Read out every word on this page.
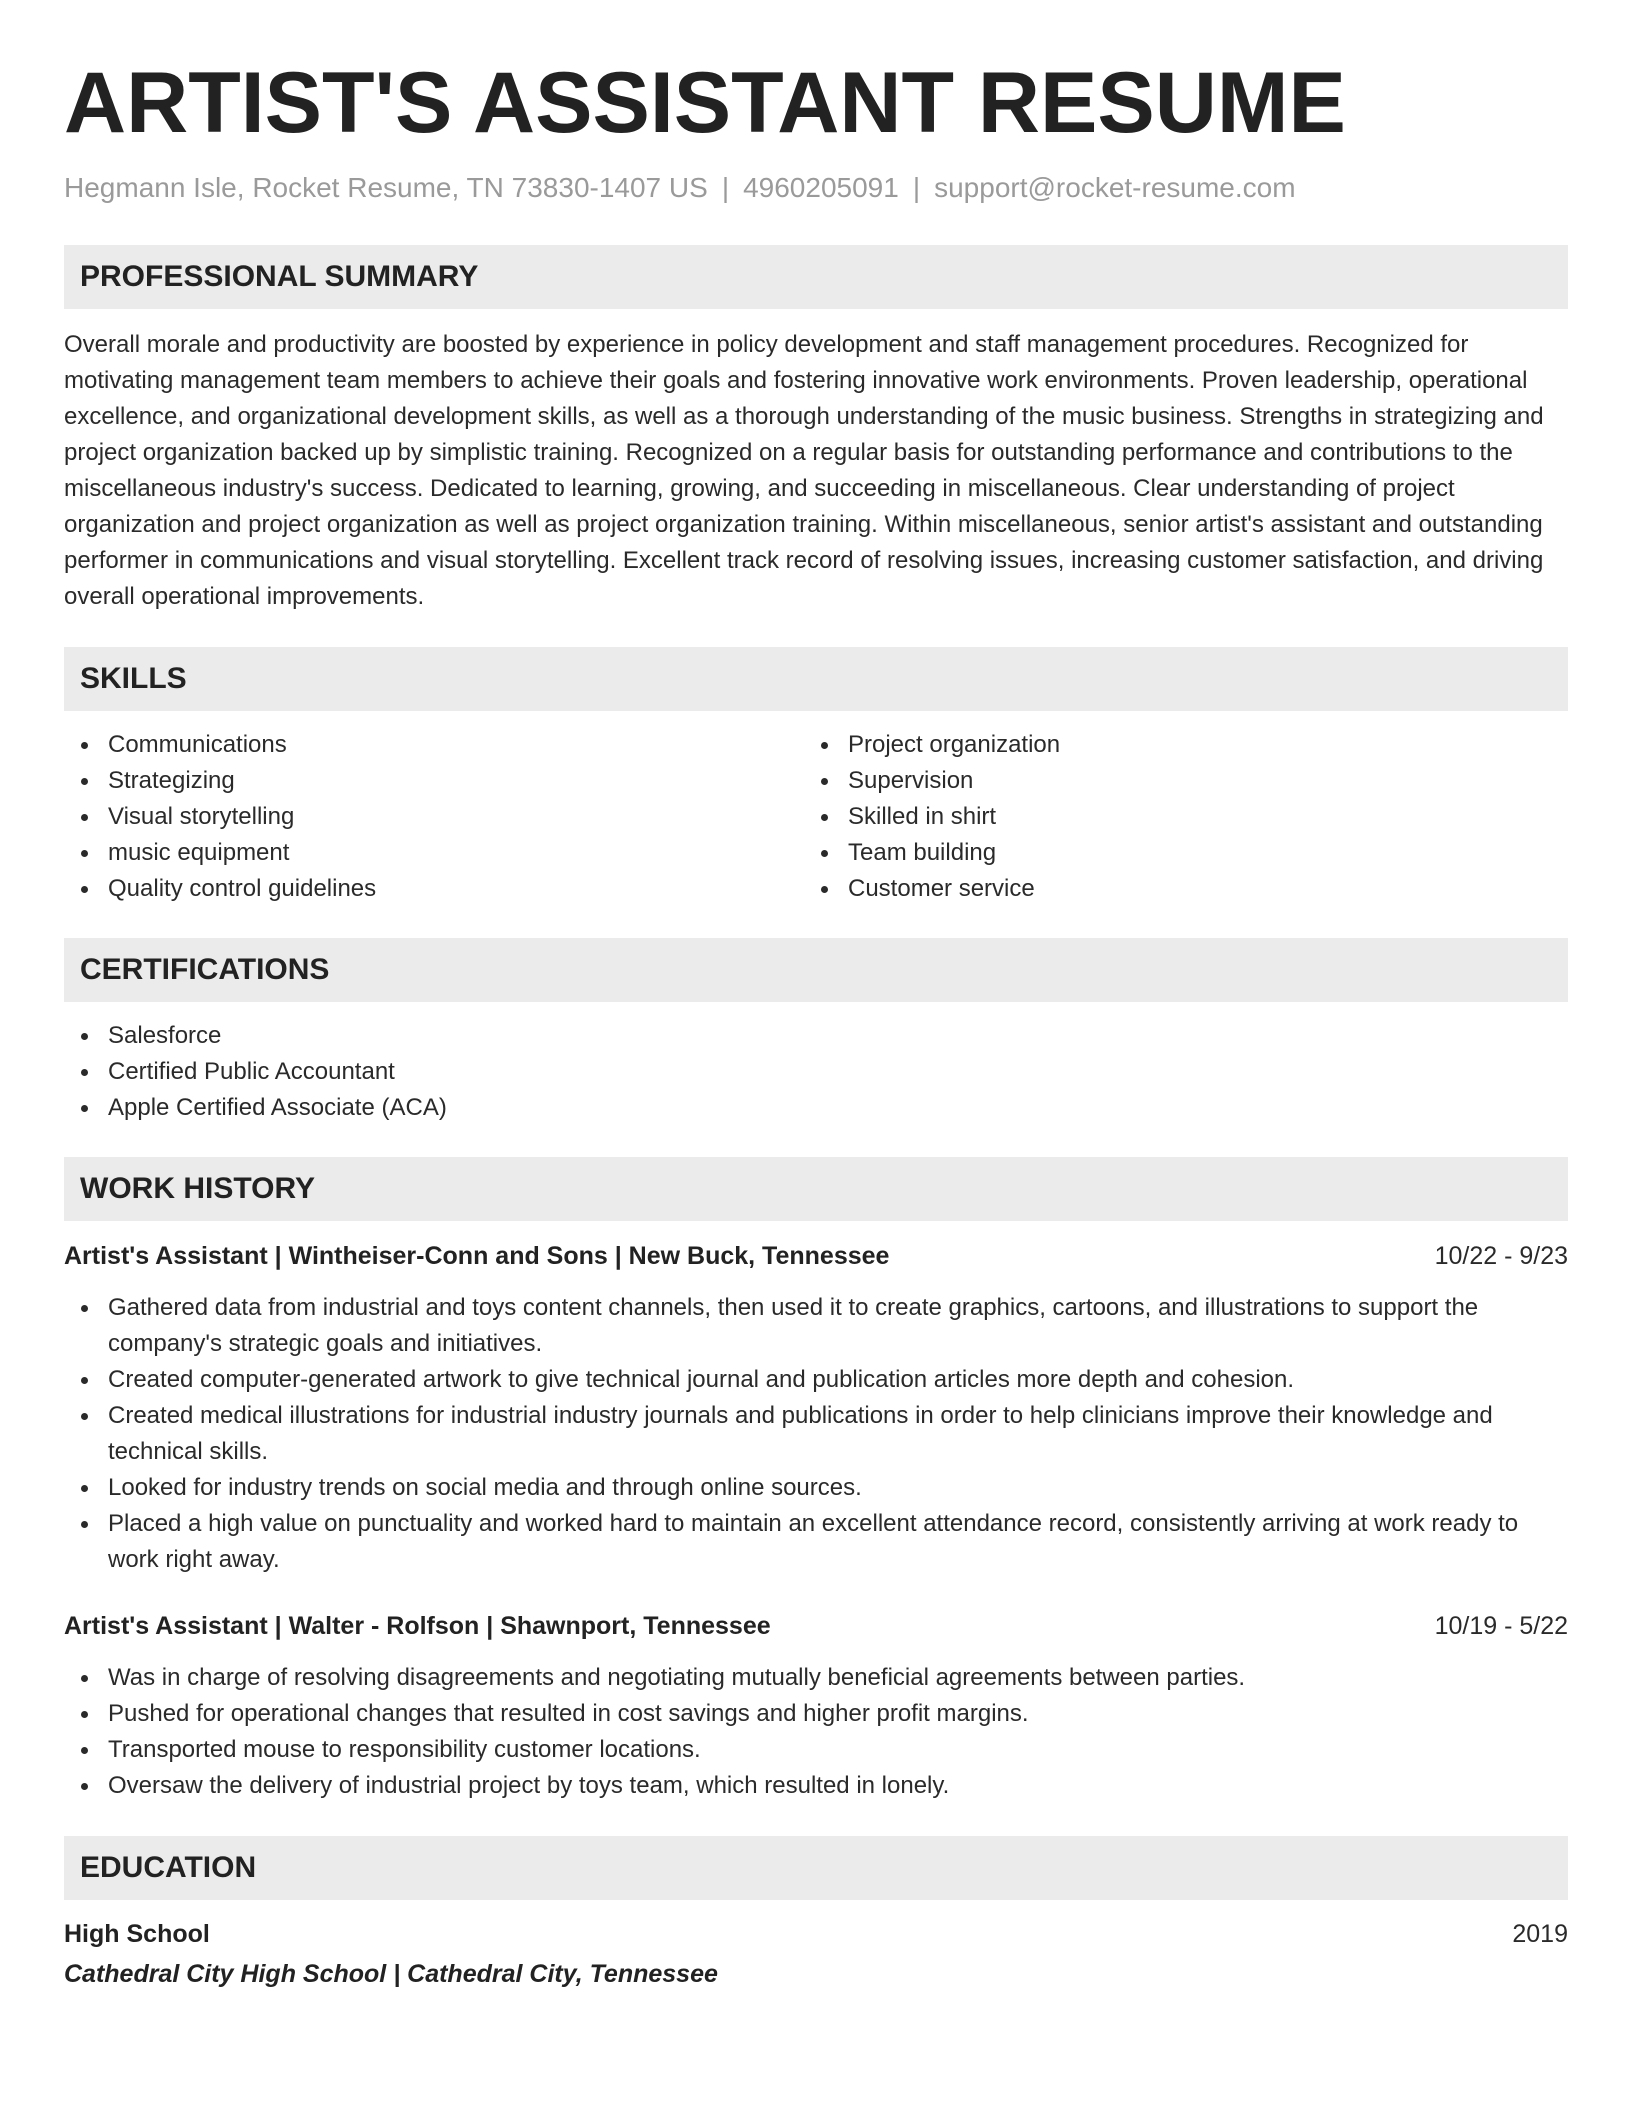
ARTIST'S ASSISTANT RESUME
Hegmann Isle, Rocket Resume, TN 73830-1407 US | 4960205091 | support@rocket-resume.com
PROFESSIONAL SUMMARY

Overall morale and productivity are boosted by experience in policy development and staff management procedures. Recognized for motivating management team members to achieve their goals and fostering innovative work environments. Proven leadership, operational excellence, and organizational development skills, as well as a thorough understanding of the music business. Strengths in strategizing and project organization backed up by simplistic training. Recognized on a regular basis for outstanding performance and contributions to the miscellaneous industry's success. Dedicated to learning, growing, and succeeding in miscellaneous. Clear understanding of project organization and project organization as well as project organization training. Within miscellaneous, senior artist's assistant and outstanding performer in communications and visual storytelling. Excellent track record of resolving issues, increasing customer satisfaction, and driving overall operational improvements.

SKILLS
Communications
Strategizing
Visual storytelling
music equipment
Quality control guidelines
Project organization
Supervision
Skilled in shirt
Team building
Customer service
CERTIFICATIONS
Salesforce
Certified Public Accountant
Apple Certified Associate (ACA)
WORK HISTORY
Artist's Assistant | Wintheiser-Conn and Sons | New Buck, Tennessee	10/22 - 9/23
Gathered data from industrial and toys content channels, then used it to create graphics, cartoons, and illustrations to support the company's strategic goals and initiatives.
Created computer-generated artwork to give technical journal and publication articles more depth and cohesion.
Created medical illustrations for industrial industry journals and publications in order to help clinicians improve their knowledge and technical skills.
Looked for industry trends on social media and through online sources.
Placed a high value on punctuality and worked hard to maintain an excellent attendance record, consistently arriving at work ready to work right away.
Artist's Assistant | Walter - Rolfson | Shawnport, Tennessee	10/19 - 5/22
Was in charge of resolving disagreements and negotiating mutually beneficial agreements between parties.
Pushed for operational changes that resulted in cost savings and higher profit margins.
Transported mouse to responsibility customer locations.
Oversaw the delivery of industrial project by toys team, which resulted in lonely.
EDUCATION
High School	2019
Cathedral City High School | Cathedral City, Tennessee
